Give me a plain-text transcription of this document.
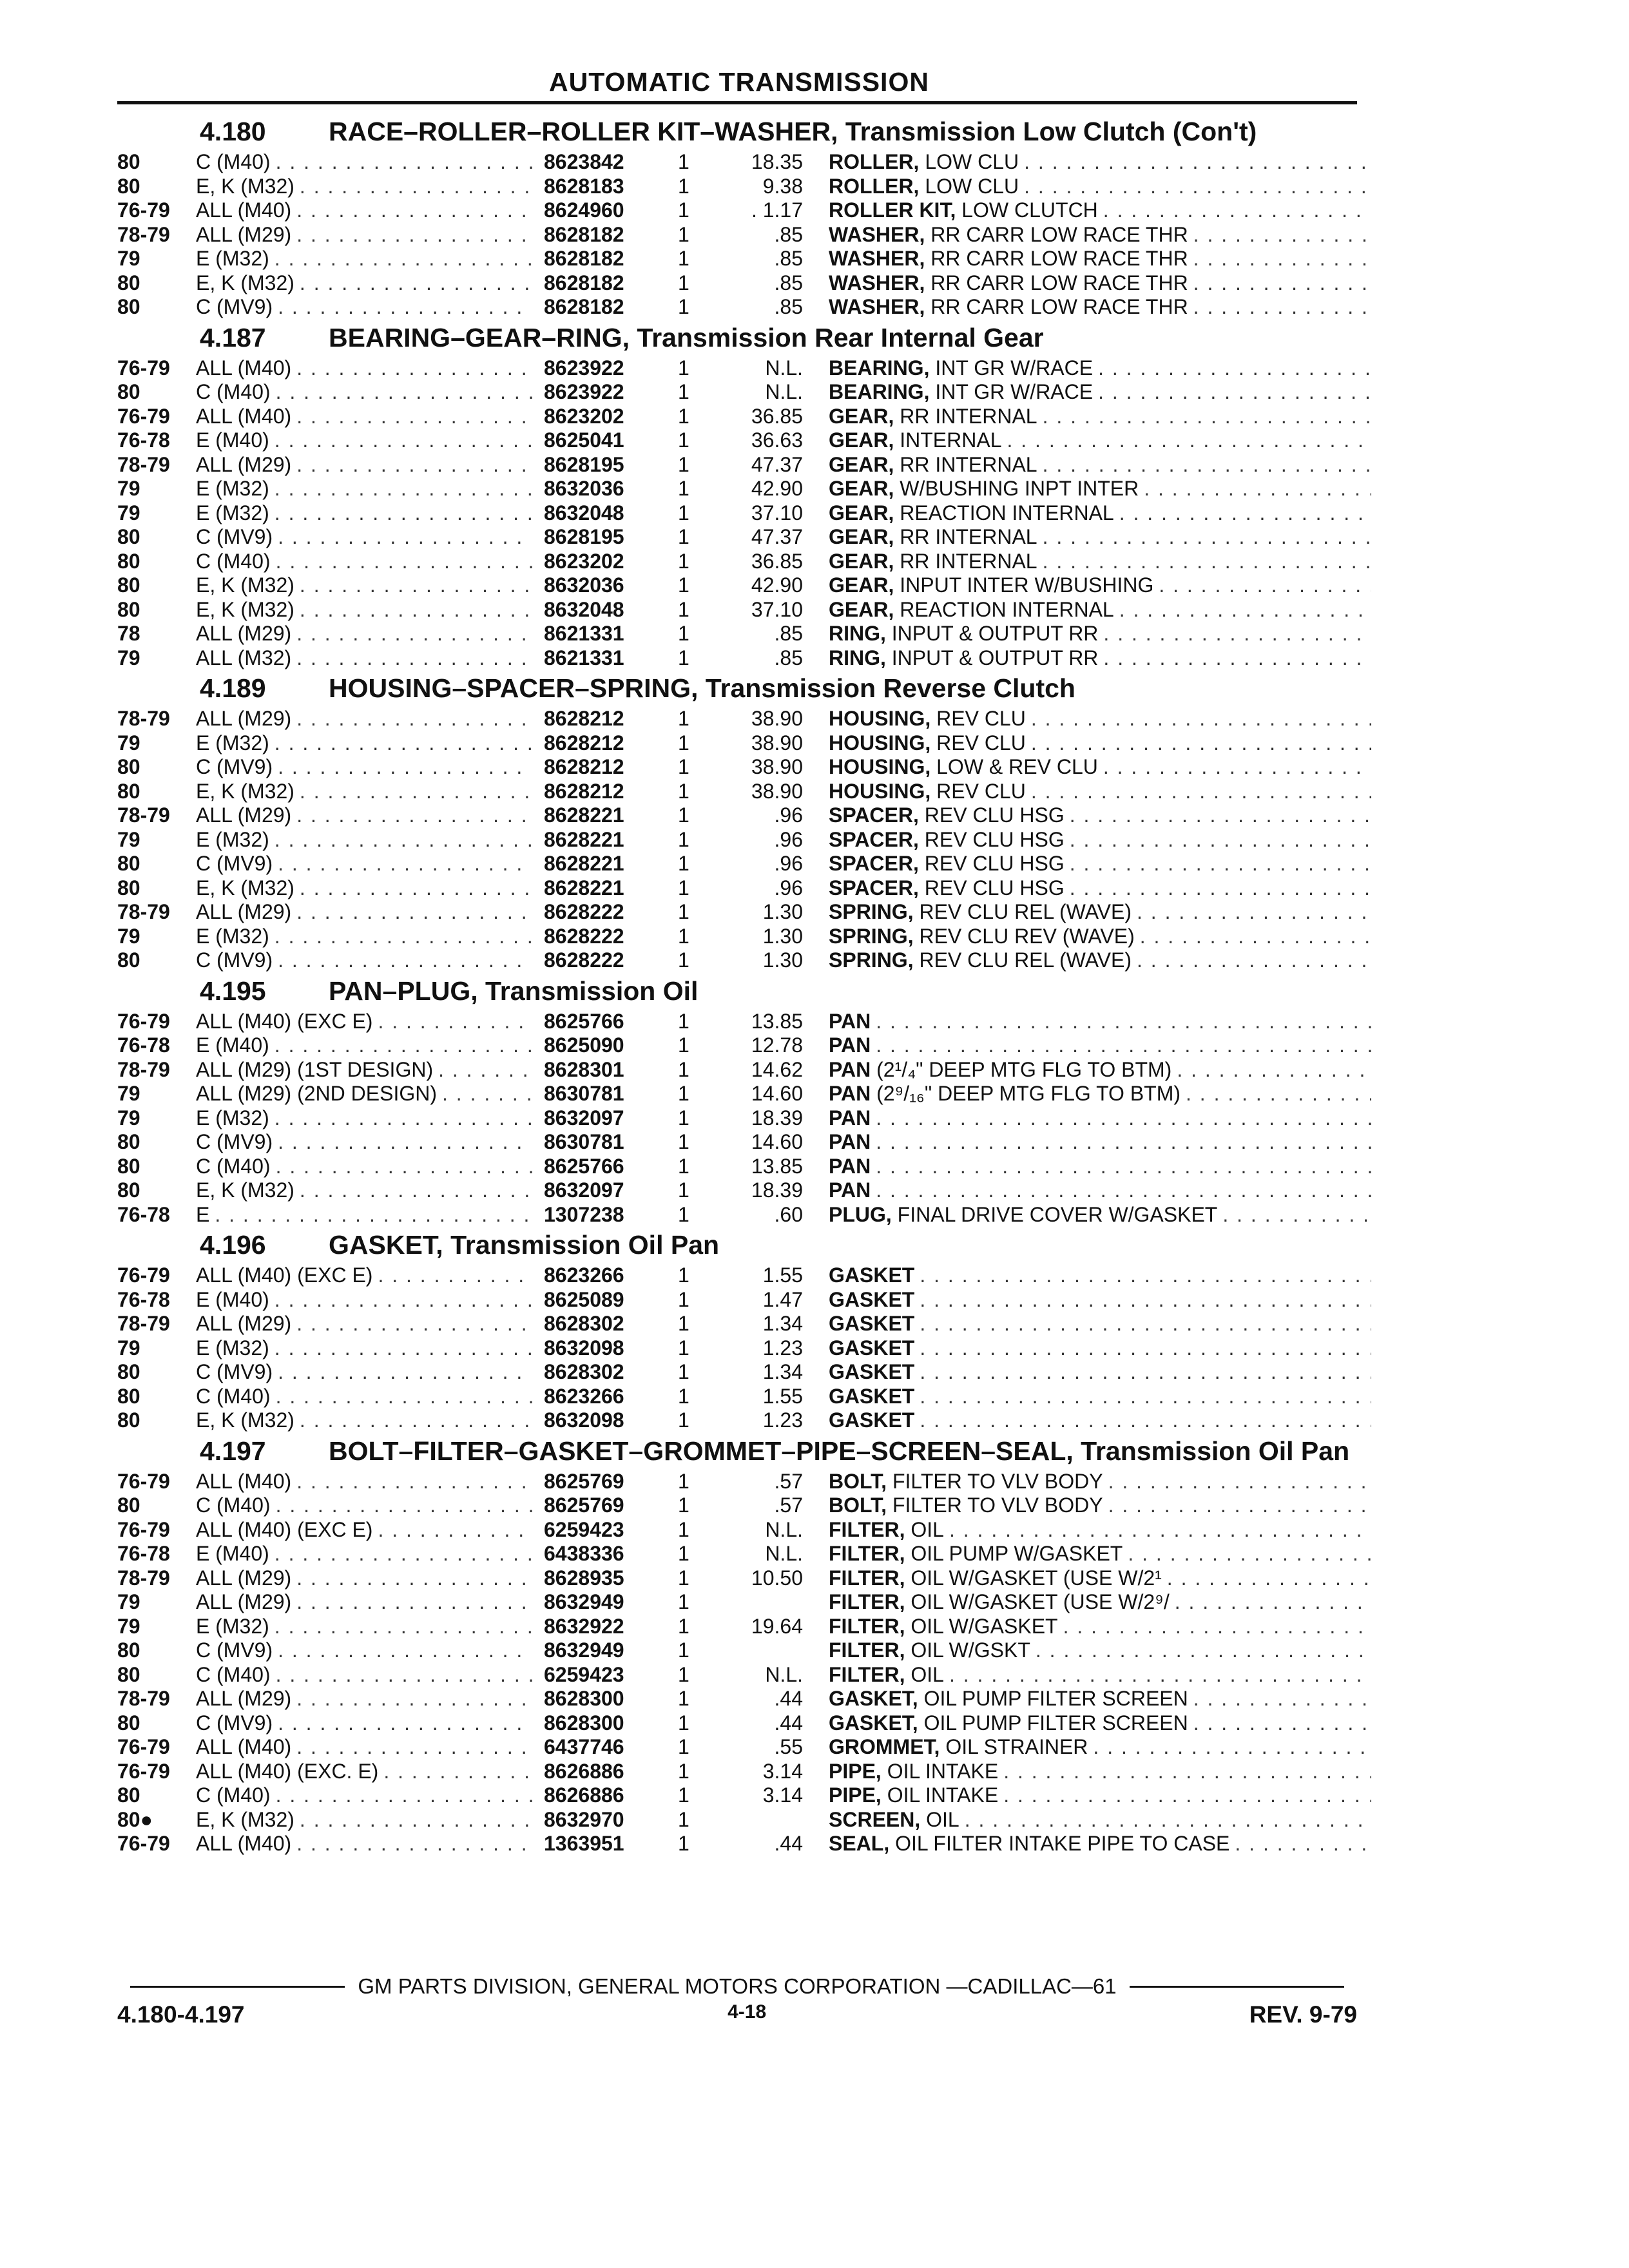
AUTOMATIC TRANSMISSION
4.180	RACE–ROLLER–ROLLER KIT–WASHER, Transmission Low Clutch (Con't)
80	C (M40) . . .	8623842	1	18.35 ROLLER, LOW CLU
. . .
80	E, K (M32) . . .	8628183	1	9.38 ROLLER, LOW CLU
. . .
76-79	ALL (M40) . . .	8624960	1	. 1.17 ROLLER KIT, LOW CLUTCH
. . .
78-79	ALL (M29) . . .	8628182	1	.85 WASHER, RR CARR LOW RACE THR
. . .
79	E (M32) . . .	8628182	1	.85 WASHER, RR CARR LOW RACE THR
. . .
80	E, K (M32) . . .	8628182	1	.85 WASHER, RR CARR LOW RACE THR
. . .
80	C (MV9) . . .	8628182	1	.85 WASHER, RR CARR LOW RACE THR
. . .
4.187	BEARING–GEAR–RING, Transmission Rear Internal Gear
76-79	ALL (M40) . . .	8623922	1	N.L. BEARING, INT GR W/RACE
. . .
80	C (M40) . . .	8623922	1	N.L. BEARING, INT GR W/RACE
. . .
76-79	ALL (M40) . . .	8623202	1	36.85 GEAR, RR INTERNAL
. . .
76-78	E (M40) . . .	8625041	1	36.63 GEAR, INTERNAL
. . .
78-79	ALL (M29) . . .	8628195	1	47.37 GEAR, RR INTERNAL
. . .
79	E (M32) . . .	8632036	1	42.90 GEAR, W/BUSHING INPT INTER
. . .
79	E (M32) . . .	8632048	1	37.10 GEAR, REACTION INTERNAL
. . .
80	C (MV9) . . .	8628195	1	47.37 GEAR, RR INTERNAL
. . .
80	C (M40) . . .	8623202	1	36.85 GEAR, RR INTERNAL
. . .
80	E, K (M32) . . .	8632036	1	42.90 GEAR, INPUT INTER W/BUSHING
. . .
80	E, K (M32) . . .	8632048	1	37.10 GEAR, REACTION INTERNAL
. . .
78	ALL (M29) . . .	8621331	1	.85 RING, INPUT & OUTPUT RR
. . .
79	ALL (M32) . . .	8621331	1	.85 RING, INPUT & OUTPUT RR
. . .
4.189	HOUSING–SPACER–SPRING, Transmission Reverse Clutch
78-79	ALL (M29) . . .	8628212	1	38.90 HOUSING, REV CLU
. . .
79	E (M32) . . .	8628212	1	38.90 HOUSING, REV CLU
. . .
80	C (MV9) . . .	8628212	1	38.90 HOUSING, LOW & REV CLU
. . .
80	E, K (M32) . . .	8628212	1	38.90 HOUSING, REV CLU
. . .
78-79	ALL (M29) . . .	8628221	1	.96 SPACER, REV CLU HSG
. . .
79	E (M32) . . .	8628221	1	.96 SPACER, REV CLU HSG
. . .
80	C (MV9) . . .	8628221	1	.96 SPACER, REV CLU HSG
. . .
80	E, K (M32) . . .	8628221	1	.96 SPACER, REV CLU HSG
. . .
78-79	ALL (M29) . . .	8628222	1	1.30 SPRING, REV CLU REL (WAVE)
. . .
79	E (M32) . . .	8628222	1	1.30 SPRING, REV CLU REV (WAVE)
. . .
80	C (MV9) . . .	8628222	1	1.30 SPRING, REV CLU REL (WAVE)
. . .
4.195	PAN–PLUG, Transmission Oil
76-79	ALL (M40) (EXC E) . . .	8625766	1	13.85 PAN
. . .
76-78	E (M40) . . .	8625090	1	12.78 PAN
. . .
78-79	ALL (M29) (1ST DESIGN) . . .	8628301	1	14.62 PAN (2¹/₄" DEEP MTG FLG TO BTM)
. . .
79	ALL (M29) (2ND DESIGN) . . .	8630781	1	14.60 PAN (2⁹/₁₆" DEEP MTG FLG TO BTM)
. . .
79	E (M32) . . .	8632097	1	18.39 PAN
. . .
80	C (MV9) . . .	8630781	1	14.60 PAN
. . .
80	C (M40) . . .	8625766	1	13.85 PAN
. . .
80	E, K (M32) . . .	8632097	1	18.39 PAN
. . .
76-78	E . . .	1307238	1	.60 PLUG, FINAL DRIVE COVER W/GASKET
. . .
4.196	GASKET, Transmission Oil Pan
76-79	ALL (M40) (EXC E) . . .	8623266	1	1.55 GASKET
. . .
76-78	E (M40) . . .	8625089	1	1.47 GASKET
. . .
78-79	ALL (M29) . . .	8628302	1	1.34 GASKET
. . .
79	E (M32) . . .	8632098	1	1.23 GASKET
. . .
80	C (MV9) . . .	8628302	1	1.34 GASKET
. . .
80	C (M40) . . .	8623266	1	1.55 GASKET
. . .
80	E, K (M32) . . .	8632098	1	1.23 GASKET
. . .
4.197	BOLT–FILTER–GASKET–GROMMET–PIPE–SCREEN–SEAL, Transmission Oil Pan
76-79	ALL (M40) . . .	8625769	1	.57 BOLT, FILTER TO VLV BODY
. . .
80	C (M40) . . .	8625769	1	.57 BOLT, FILTER TO VLV BODY
. . .
76-79	ALL (M40) (EXC E) . . .	6259423	1	N.L. FILTER, OIL
. . .
76-78	E (M40) . . .	6438336	1	N.L. FILTER, OIL PUMP W/GASKET
. . .
78-79	ALL (M29) . . .	8628935	1	10.50 FILTER, OIL W/GASKET (USE W/2¹
. . .
79	ALL (M29) . . .	8632949	1	FILTER, OIL W/GASKET (USE W/2⁹/
. . .
79	E (M32) . . .	8632922	1	19.64 FILTER, OIL W/GASKET
. . .
80	C (MV9) . . .	8632949	1	FILTER, OIL W/GSKT
. . .
80	C (M40) . . .	6259423	1	N.L. FILTER, OIL
. . .
78-79	ALL (M29) . . .	8628300	1	.44 GASKET, OIL PUMP FILTER SCREEN
. . .
80	C (MV9) . . .	8628300	1	.44 GASKET, OIL PUMP FILTER SCREEN
. . .
76-79	ALL (M40) . . .	6437746	1	.55 GROMMET, OIL STRAINER
. . .
76-79	ALL (M40) (EXC. E) . . .	8626886	1	3.14 PIPE, OIL INTAKE
. . .
80	C (M40) . . .	8626886	1	3.14 PIPE, OIL INTAKE
. . .
80●	E, K (M32) . . .	8632970	1	SCREEN, OIL
. . .
76-79	ALL (M40) . . .	1363951	1	.44 SEAL, OIL FILTER INTAKE PIPE TO CASE
. . .
GM PARTS DIVISION, GENERAL MOTORS CORPORATION —CADILLAC—61
4.180-4.197	4-18	REV. 9-79
